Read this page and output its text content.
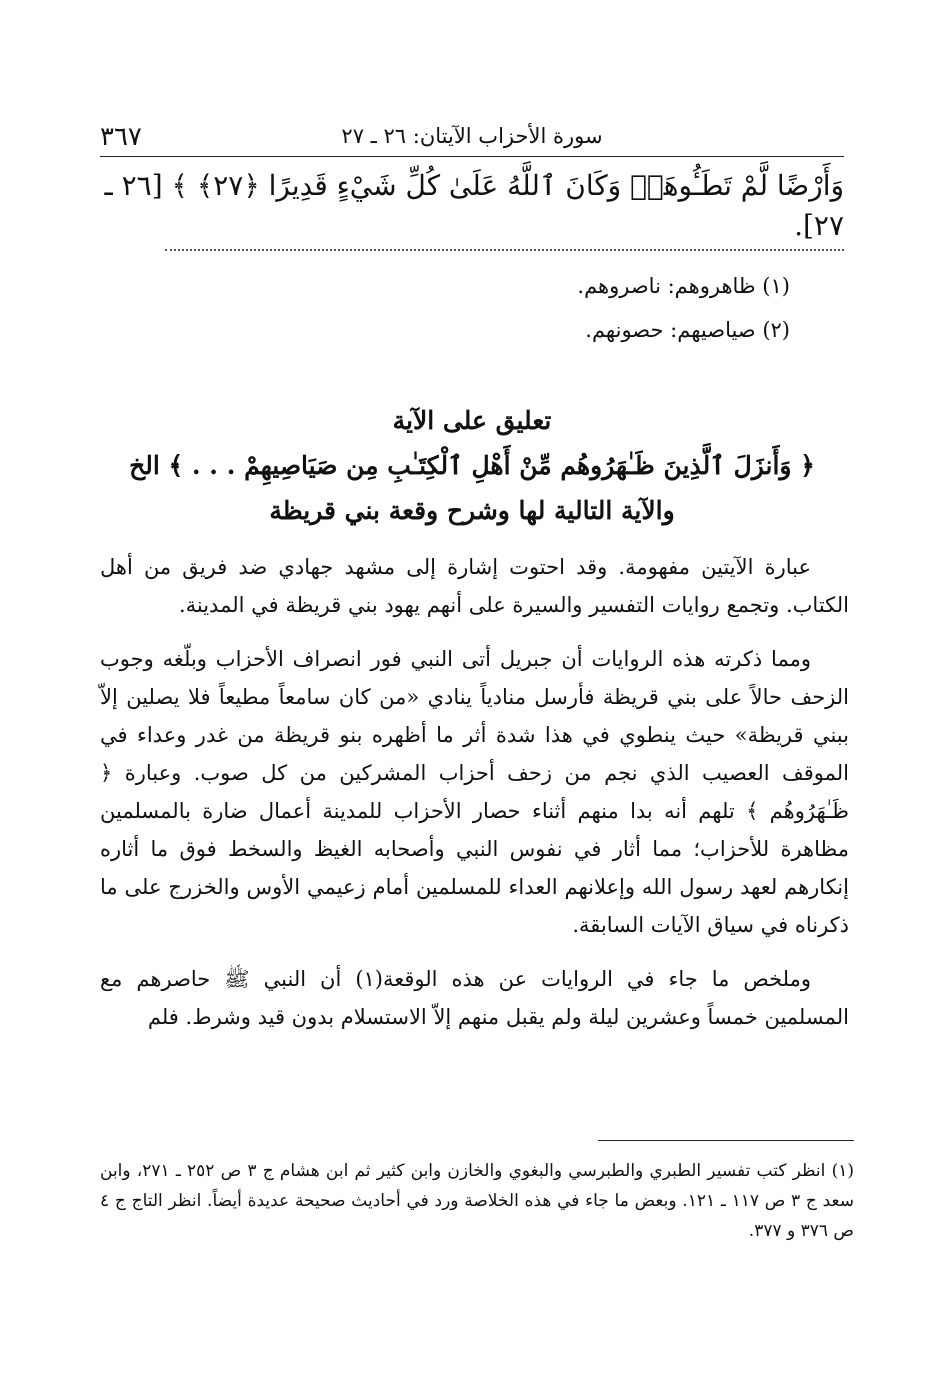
٣٦٧	سورة الأحزاب الآيتان: ٢٦ ـ ٢٧
وَأَرْضًا لَّمْ تَطَـُٔوهَاۚ وَكَانَ ٱللَّهُ عَلَىٰ كُلِّ شَيْءٍ قَدِيرًا ﴿٢٧﴾ ﴾ [٢٦ ـ ٢٧].
(١) ظاهروهم: ناصروهم.
(٢) صياصيهم: حصونهم.
تعليق على الآية
﴿ وَأَنزَلَ ٱلَّذِينَ ظَـٰهَرُوهُم مِّنْ أَهْلِ ٱلْكِتَـٰبِ مِن صَيَاصِيهِمْ . . . ﴾ الخ
والآية التالية لها وشرح وقعة بني قريظة

عبارة الآيتين مفهومة. وقد احتوت إشارة إلى مشهد جهادي ضد فريق من أهل الكتاب. وتجمع روايات التفسير والسيرة على أنهم يهود بني قريظة في المدينة.

ومما ذكرته هذه الروايات أن جبريل أتى النبي فور انصراف الأحزاب وبلّغه وجوب الزحف حالاً على بني قريظة فأرسل منادياً ينادي «من كان سامعاً مطيعاً فلا يصلين إلاّ ببني قريظة» حيث ينطوي في هذا شدة أثر ما أظهره بنو قريظة من غدر وعداء في الموقف العصيب الذي نجم من زحف أحزاب المشركين من كل صوب. وعبارة ﴿ ظَـٰهَرُوهُم ﴾ تلهم أنه بدا منهم أثناء حصار الأحزاب للمدينة أعمال ضارة بالمسلمين مظاهرة للأحزاب؛ مما أثار في نفوس النبي وأصحابه الغيظ والسخط فوق ما أثاره إنكارهم لعهد رسول الله وإعلانهم العداء للمسلمين أمام زعيمي الأوس والخزرج على ما ذكرناه في سياق الآيات السابقة.

وملخص ما جاء في الروايات عن هذه الوقعة(١) أن النبي ﷺ حاصرهم مع المسلمين خمساً وعشرين ليلة ولم يقبل منهم إلاّ الاستسلام بدون قيد وشرط. فلم

(١) انظر كتب تفسير الطبري والطبرسي والبغوي والخازن وابن كثير ثم ابن هشام ج ٣ ص ٢٥٢ ـ ٢٧١، وابن سعد ج ٣ ص ١١٧ ـ ١٢١. وبعض ما جاء في هذه الخلاصة ورد في أحاديث صحيحة عديدة أيضاً. انظر التاج ج ٤ ص ٣٧٦ و ٣٧٧.
